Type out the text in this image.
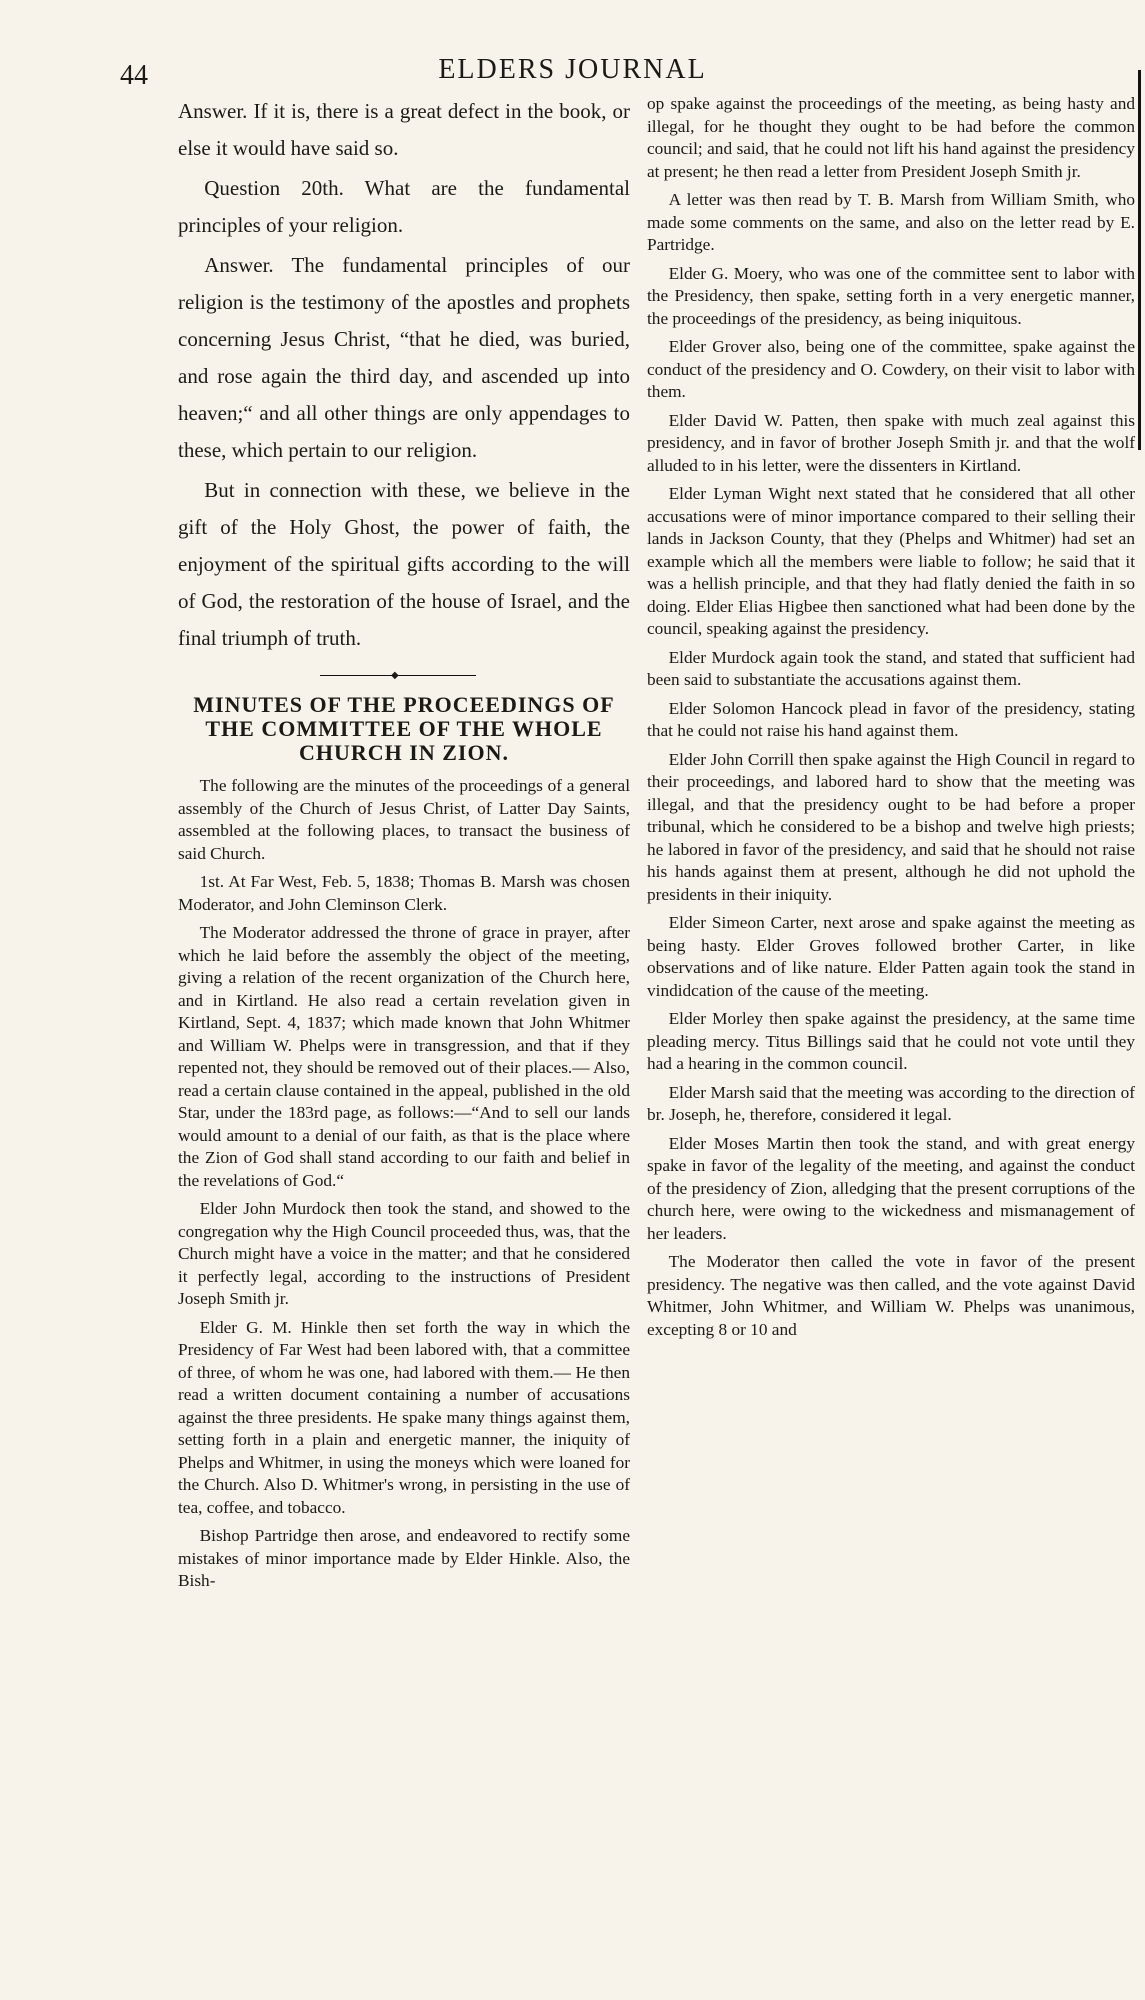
44	ELDERS JOURNAL

Answer. If it is, there is a great defect in the book, or else it would have said so.

Question 20th. What are the fundamental principles of your religion.

Answer. The fundamental principles of our religion is the testimony of the apostles and prophets concerning Jesus Christ, “that he died, was buried, and rose again the third day, and ascended up into heaven;“ and all other things are only appendages to these, which pertain to our religion.

But in connection with these, we believe in the gift of the Holy Ghost, the power of faith, the enjoyment of the spiritual gifts according to the will of God, the restoration of the house of Israel, and the final triumph of truth.

◆
MINUTES OF THE PROCEEDINGS OF THE COMMITTEE OF THE WHOLE CHURCH IN ZION.

The following are the minutes of the proceedings of a general assembly of the Church of Jesus Christ, of Latter Day Saints, assembled at the following places, to transact the business of said Church.

1st. At Far West, Feb. 5, 1838; Thomas B. Marsh was chosen Moderator, and John Cleminson Clerk.

The Moderator addressed the throne of grace in prayer, after which he laid before the assembly the object of the meeting, giving a relation of the recent organization of the Church here, and in Kirtland. He also read a certain revelation given in Kirtland, Sept. 4, 1837; which made known that John Whitmer and William W. Phelps were in transgression, and that if they repented not, they should be removed out of their places.— Also, read a certain clause contained in the appeal, published in the old Star, under the 183rd page, as follows:—“And to sell our lands would amount to a denial of our faith, as that is the place where the Zion of God shall stand according to our faith and belief in the revelations of God.“

Elder John Murdock then took the stand, and showed to the congregation why the High Council proceeded thus, was, that the Church might have a voice in the matter; and that he considered it perfectly legal, according to the instructions of President Joseph Smith jr.

Elder G. M. Hinkle then set forth the way in which the Presidency of Far West had been labored with, that a committee of three, of whom he was one, had labored with them.— He then read a written document containing a number of accusations against the three presidents. He spake many things against them, setting forth in a plain and energetic manner, the iniquity of Phelps and Whitmer, in using the moneys which were loaned for the Church. Also D. Whitmer's wrong, in persisting in the use of tea, coffee, and tobacco.

Bishop Partridge then arose, and endeavored to rectify some mistakes of minor importance made by Elder Hinkle. Also, the Bish-

op spake against the proceedings of the meeting, as being hasty and illegal, for he thought they ought to be had before the common council; and said, that he could not lift his hand against the presidency at present; he then read a letter from President Joseph Smith jr.

A letter was then read by T. B. Marsh from William Smith, who made some comments on the same, and also on the letter read by E. Partridge.

Elder G. Moery, who was one of the committee sent to labor with the Presidency, then spake, setting forth in a very energetic manner, the proceedings of the presidency, as being iniquitous.

Elder Grover also, being one of the committee, spake against the conduct of the presidency and O. Cowdery, on their visit to labor with them.

Elder David W. Patten, then spake with much zeal against this presidency, and in favor of brother Joseph Smith jr. and that the wolf alluded to in his letter, were the dissenters in Kirtland.

Elder Lyman Wight next stated that he considered that all other accusations were of minor importance compared to their selling their lands in Jackson County, that they (Phelps and Whitmer) had set an example which all the members were liable to follow; he said that it was a hellish principle, and that they had flatly denied the faith in so doing. Elder Elias Higbee then sanctioned what had been done by the council, speaking against the presidency.

Elder Murdock again took the stand, and stated that sufficient had been said to substantiate the accusations against them.

Elder Solomon Hancock plead in favor of the presidency, stating that he could not raise his hand against them.

Elder John Corrill then spake against the High Council in regard to their proceedings, and labored hard to show that the meeting was illegal, and that the presidency ought to be had before a proper tribunal, which he considered to be a bishop and twelve high priests; he labored in favor of the presidency, and said that he should not raise his hands against them at present, although he did not uphold the presidents in their iniquity.

Elder Simeon Carter, next arose and spake against the meeting as being hasty. Elder Groves followed brother Carter, in like observations and of like nature. Elder Patten again took the stand in vindidcation of the cause of the meeting.

Elder Morley then spake against the presidency, at the same time pleading mercy. Titus Billings said that he could not vote until they had a hearing in the common council.

Elder Marsh said that the meeting was according to the direction of br. Joseph, he, therefore, considered it legal.

Elder Moses Martin then took the stand, and with great energy spake in favor of the legality of the meeting, and against the conduct of the presidency of Zion, alledging that the present corruptions of the church here, were owing to the wickedness and mismanagement of her leaders.

The Moderator then called the vote in favor of the present presidency. The negative was then called, and the vote against David Whitmer, John Whitmer, and William W. Phelps was unanimous, excepting 8 or 10 and
